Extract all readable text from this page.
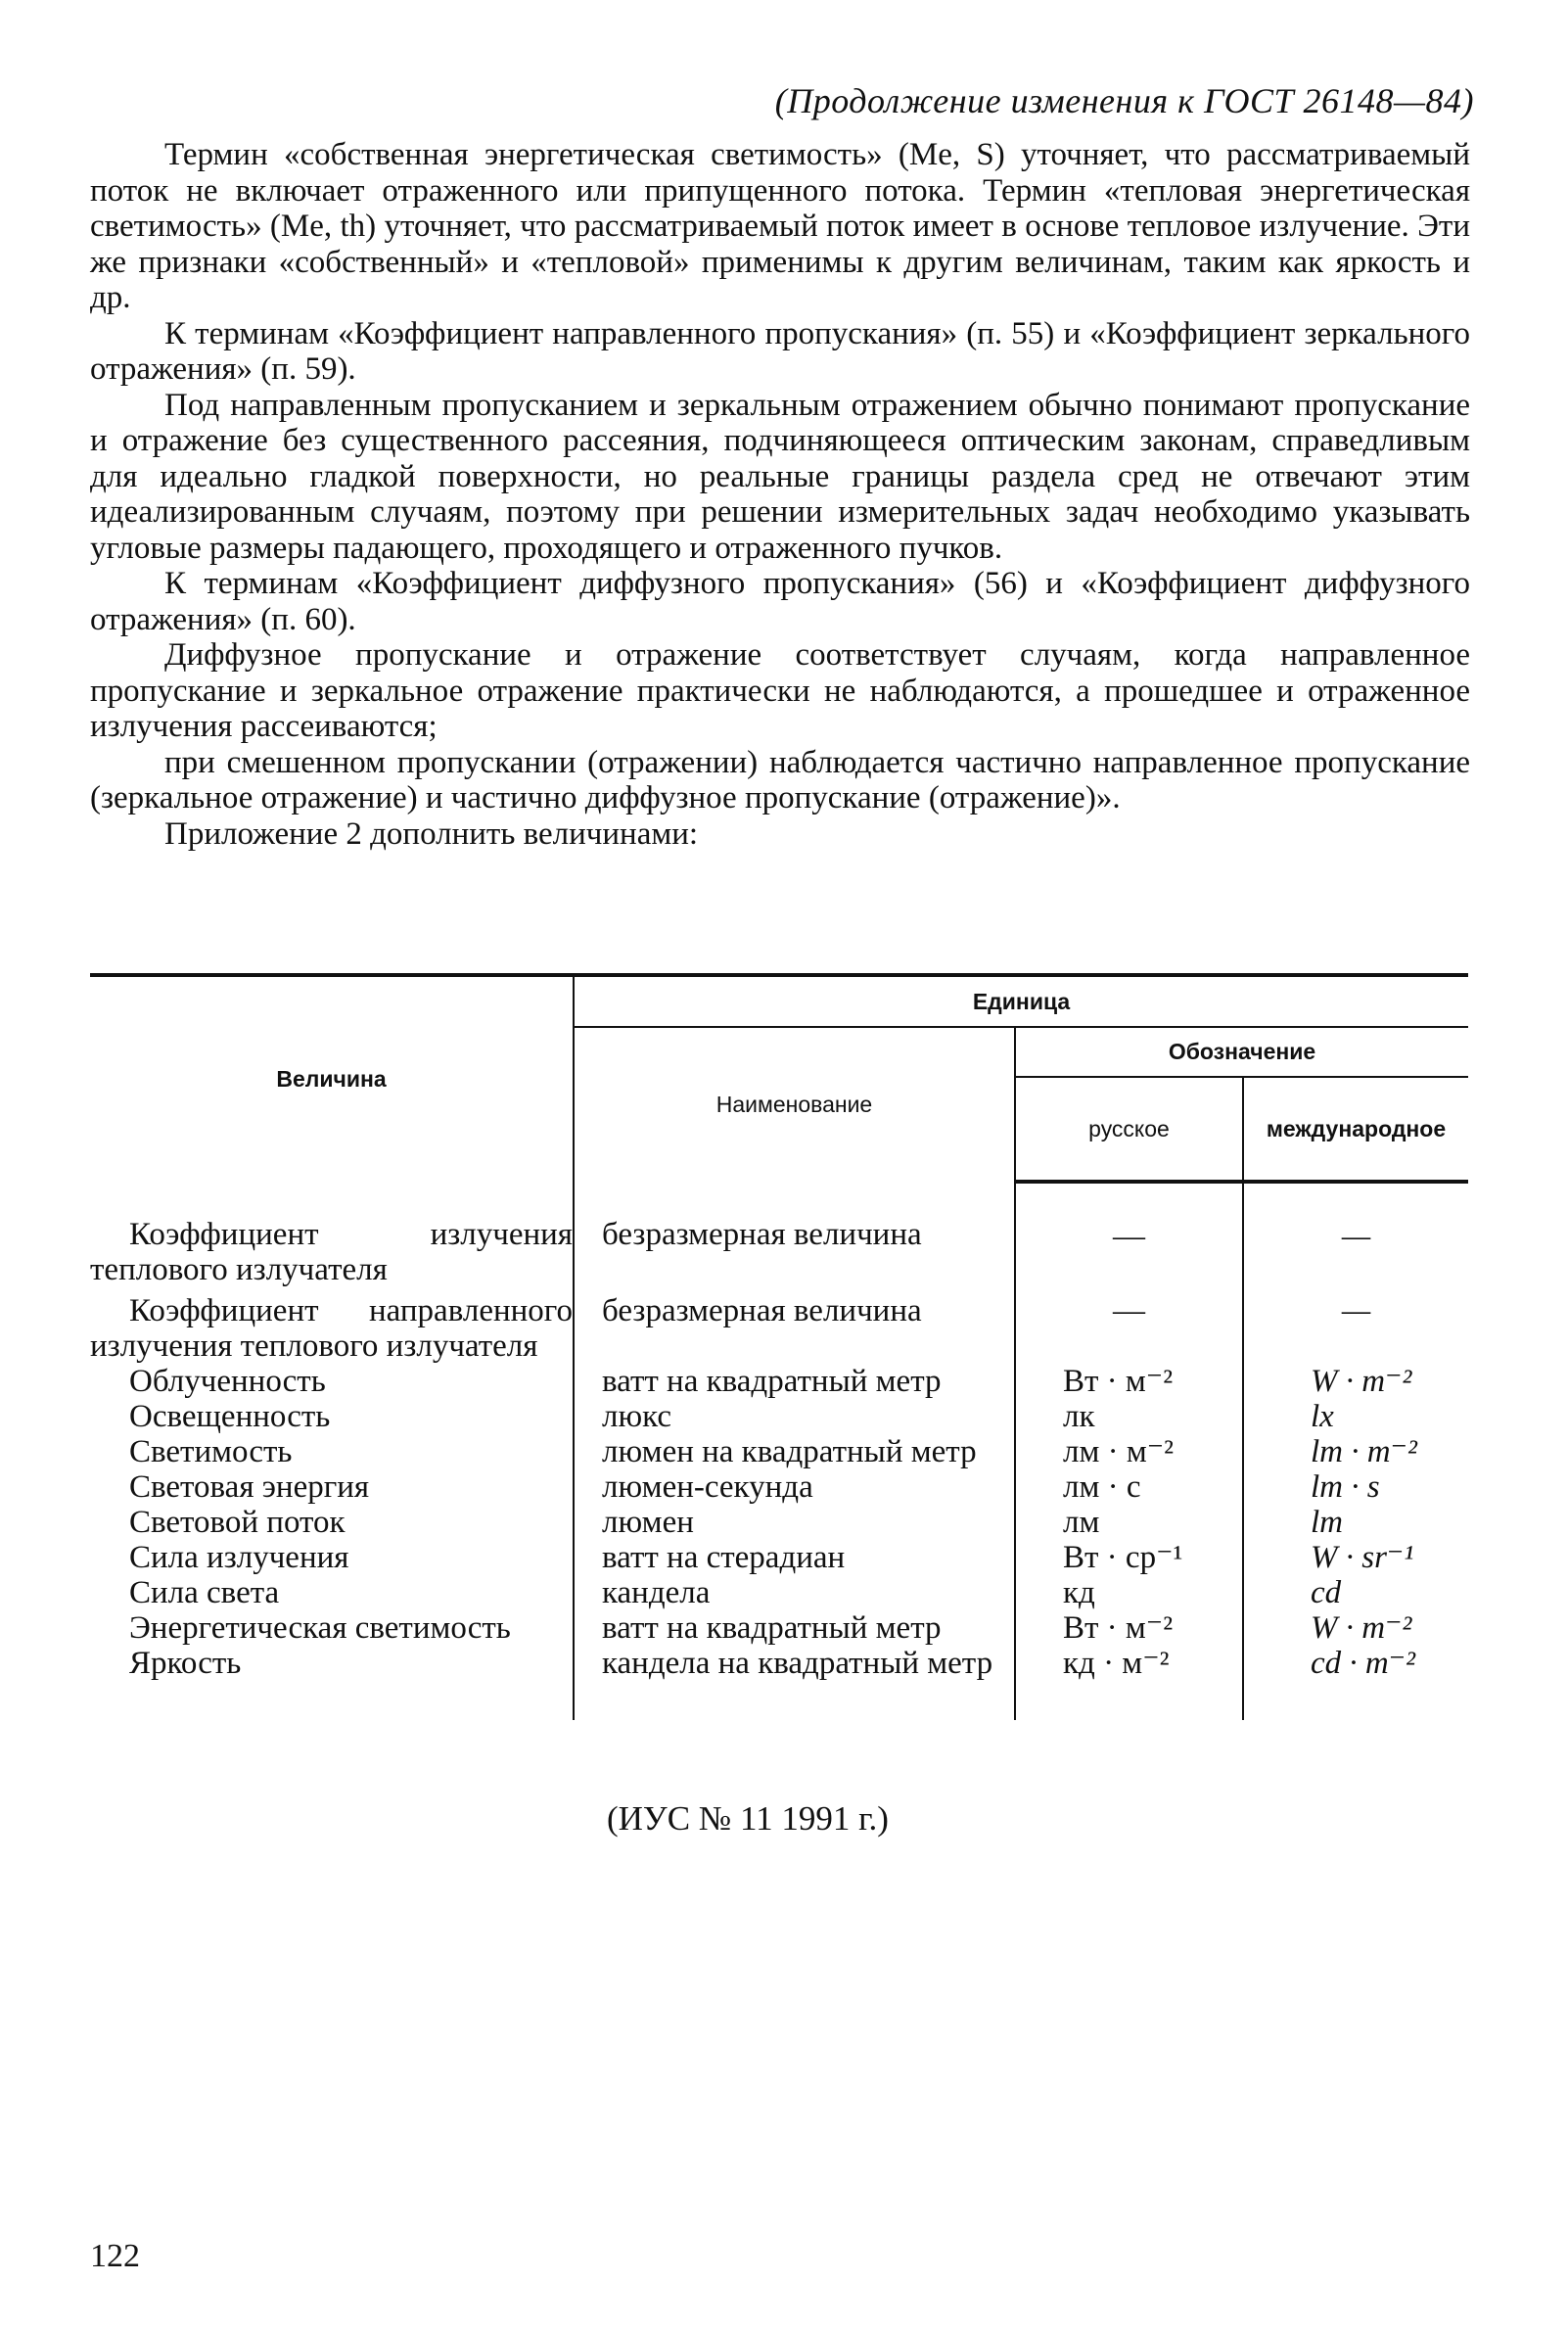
(Продолжение изменения к ГОСТ 26148—84)

Термин «собственная энергетическая светимость» (Me, S) уточняет, что рассматриваемый поток не включает отраженного или припущенного потока. Термин «тепловая энергетическая светимость» (Me, th) уточняет, что рассматриваемый поток имеет в основе тепловое излучение. Эти же признаки «собственный» и «тепловой» применимы к другим величинам, таким как яркость и др.

К терминам «Коэффициент направленного пропускания» (п. 55) и «Коэффициент зеркального отражения» (п. 59).

Под направленным пропусканием и зеркальным отражением обычно понимают пропускание и отражение без существенного рассеяния, подчиняющееся оптическим законам, справедливым для идеально гладкой поверхности, но реальные границы раздела сред не отвечают этим идеализированным случаям, поэтому при решении измерительных задач необходимо указывать угловые размеры падающего, проходящего и отраженного пучков.

К терминам «Коэффициент диффузного пропускания» (56) и «Коэффициент диффузного отражения» (п. 60).

Диффузное пропускание и отражение соответствует случаям, когда направленное пропускание и зеркальное отражение практически не наблюдаются, а прошедшее и отраженное излучения рассеиваются;

при смешенном пропускании (отражении) наблюдается частично направленное пропускание (зеркальное отражение) и частично диффузное пропускание (отражение)».

Приложение 2 дополнить величинами:

Величина	Единица		
	Наименование	Обозначение	
		русское	международное

Коэффициент излучения теплового излучателя	безразмерная величина	—	—

Коэффициент направленного излучения теплового излучателя	безразмерная величина	—	—

Облученность	ватт на квадратный метр	Вт · м⁻²	W · m⁻²

Освещенность	люкс	лк	lx

Светимость	люмен на квадратный метр	лм · м⁻²	lm · m⁻²

Световая энергия	люмен-секунда	лм · с	lm · s

Световой поток	люмен	лм	lm

Сила излучения	ватт на стерадиан	Вт · ср⁻¹	W · sr⁻¹

Сила света	кандела	кд	cd

Энергетическая светимость	ватт на квадратный метр	Вт · м⁻²	W · m⁻²

Яркость	кандела на квадратный метр	кд · м⁻²	cd · m⁻²
(ИУС № 11 1991 г.)
122
